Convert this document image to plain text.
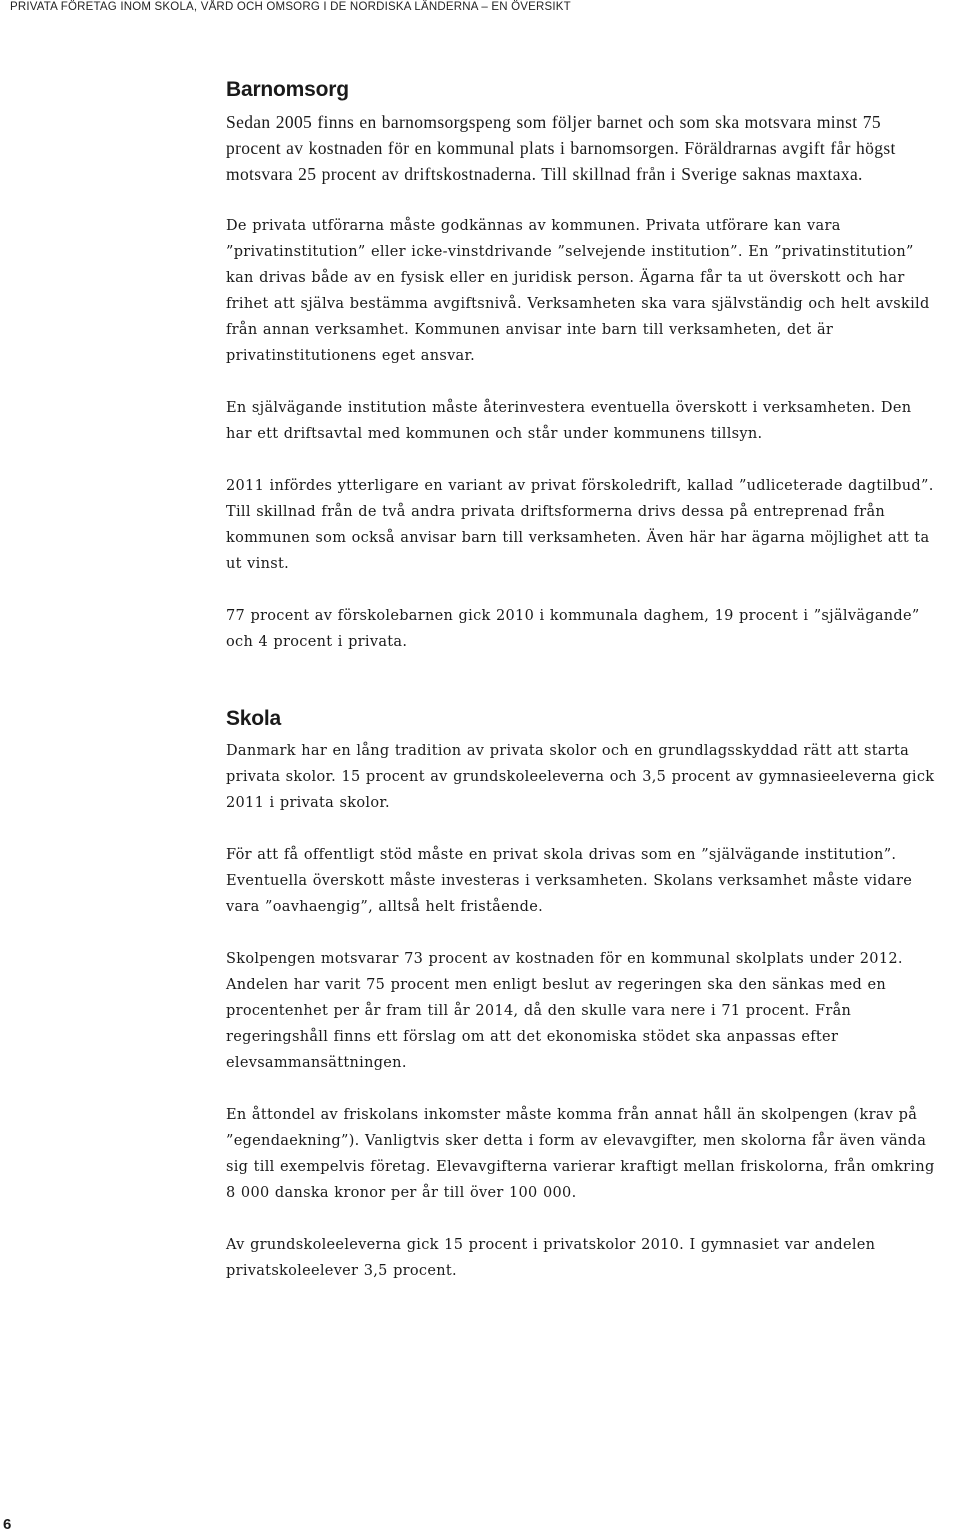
PRIVATA FÖRETAG INOM SKOLA, VÅRD OCH OMSORG I DE NORDISKA LÄNDERNA – EN ÖVERSIKT
Barnomsorg

Sedan 2005 finns en barnomsorgspeng som följer barnet och som ska motsvara minst 75 procent av kostnaden för en kommunal plats i barnomsorgen. Föräldrarnas avgift får högst motsvara 25 procent av driftskostnaderna. Till skillnad från i Sverige saknas maxtaxa.

De privata utförarna måste godkännas av kommunen. Privata utförare kan vara ”privatinstitution” eller icke-vinstdrivande ”selvejende institution”. En ”privatinstitution” kan drivas både av en fysisk eller en juridisk person. Ägarna får ta ut överskott och har frihet att själva bestämma avgiftsnivå. Verksamheten ska vara självständig och helt avskild från annan verksamhet. Kommunen anvisar inte barn till verksamheten, det är privatinstitutionens eget ansvar.

En självägande institution måste återinvestera eventuella överskott i verksamheten. Den har ett driftsavtal med kommunen och står under kommunens tillsyn.

2011 infördes ytterligare en variant av privat förskoledrift, kallad ”udliceterade dagtilbud”. Till skillnad från de två andra privata driftsformerna drivs dessa på entreprenad från kommunen som också anvisar barn till verksamheten. Även här har ägarna möjlighet att ta ut vinst.

77 procent av förskolebarnen gick 2010 i kommunala daghem, 19 procent i ”självägande” och 4 procent i privata.

Skola

Danmark har en lång tradition av privata skolor och en grundlagsskyddad rätt att starta privata skolor. 15 procent av grundskoleeleverna och 3,5 procent av gymnasieeleverna gick 2011 i privata skolor.

För att få offentligt stöd måste en privat skola drivas som en ”självägande institution”. Eventuella överskott måste investeras i verksamheten. Skolans verksamhet måste vidare vara ”oavhaengig”, alltså helt fristående.

Skolpengen motsvarar 73 procent av kostnaden för en kommunal skolplats under 2012. Andelen har varit 75 procent men enligt beslut av regeringen ska den sänkas med en procentenhet per år fram till år 2014, då den skulle vara nere i 71 procent. Från regeringshåll finns ett förslag om att det ekonomiska stödet ska anpassas efter elevsammansättningen.

En åttondel av friskolans inkomster måste komma från annat håll än skolpengen (krav på ”egendaekning”). Vanligtvis sker detta i form av elevavgifter, men skolorna får även vända sig till exempelvis företag. Elevavgifterna varierar kraftigt mellan friskolorna, från omkring 8 000 danska kronor per år till över 100 000.

Av grundskoleeleverna gick 15 procent i privatskolor 2010. I gymnasiet var andelen privatskoleelever 3,5 procent.

6
